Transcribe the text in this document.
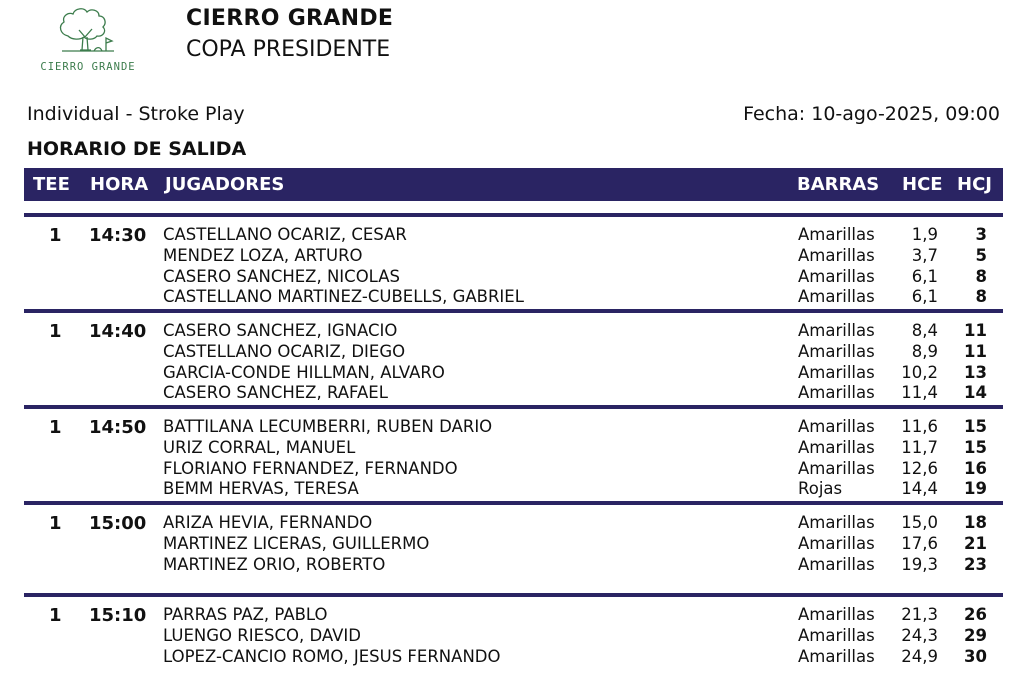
CIERRO GRANDE
CIERRO GRANDE
COPA PRESIDENTE
Individual - Stroke Play	Fecha: 10-ago-2025, 09:00
HORARIO DE SALIDA
TEE HORA JUGADORES	BARRAS HCE HCJ
1 14:30 CASTELLANO OCARIZ, CESAR	Amarillas	1,9	3
MENDEZ LOZA, ARTURO	Amarillas	3,7	5
CASERO SANCHEZ, NICOLAS	Amarillas	6,1	8
CASTELLANO MARTINEZ-CUBELLS, GABRIEL	Amarillas	6,1	8
1 14:40 CASERO SANCHEZ, IGNACIO	Amarillas	8,4	11
CASTELLANO OCARIZ, DIEGO	Amarillas	8,9	11
GARCIA-CONDE HILLMAN, ALVARO	Amarillas	10,2	13
CASERO SANCHEZ, RAFAEL	Amarillas	11,4	14
1 14:50 BATTILANA LECUMBERRI, RUBEN DARIO	Amarillas	11,6	15
URIZ CORRAL, MANUEL	Amarillas	11,7	15
FLORIANO FERNANDEZ, FERNANDO	Amarillas	12,6	16
BEMM HERVAS, TERESA	Rojas	14,4	19
1 15:00 ARIZA HEVIA, FERNANDO	Amarillas	15,0	18
MARTINEZ LICERAS, GUILLERMO	Amarillas	17,6	21
MARTINEZ ORIO, ROBERTO	Amarillas	19,3	23
1 15:10 PARRAS PAZ, PABLO	Amarillas	21,3	26
LUENGO RIESCO, DAVID	Amarillas	24,3	29
LOPEZ-CANCIO ROMO, JESUS FERNANDO	Amarillas	24,9	30
